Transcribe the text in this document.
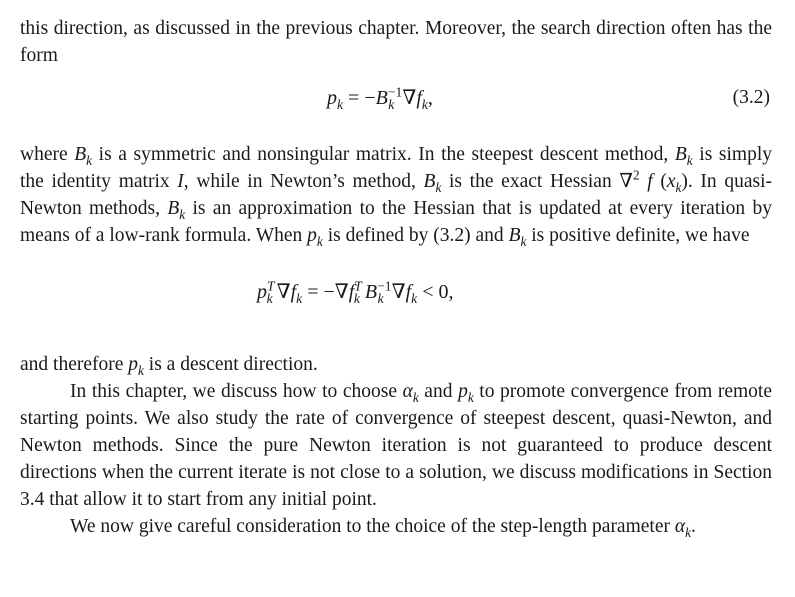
this direction, as discussed in the previous chapter. Moreover, the search direction often has the form

$p_k = -B^{-1}_k$ $\nabla f_k$,	(3.2)

where $B_k$ is a symmetric and nonsingular matrix. In the steepest descent method, $B_k$ is simply the identity matrix I, while in Newton’s method, $B_k$ is the exact Hessian ∇$^2$ f $(x_k)$. In quasi-Newton methods, $B_k$ is an approximation to the Hessian that is updated at every iteration by means of a low-rank formula. When $p_k$ is defined by (3.2) and $B_k$ is positive definite, we have

$p^T_k$ $\nabla f_k = -\nabla f^T_k$ $B^{-1}_k$ $\nabla f_k < 0$,

and therefore $p_k$ is a descent direction.

In this chapter, we discuss how to choose $\alpha_k$ and $p_k$ to promote convergence from remote starting points. We also study the rate of convergence of steepest descent, quasi-Newton, and Newton methods. Since the pure Newton iteration is not guaranteed to produce descent directions when the current iterate is not close to a solution, we discuss modifications in Section 3.4 that allow it to start from any initial point.

We now give careful consideration to the choice of the step-length parameter $\alpha_k$.
